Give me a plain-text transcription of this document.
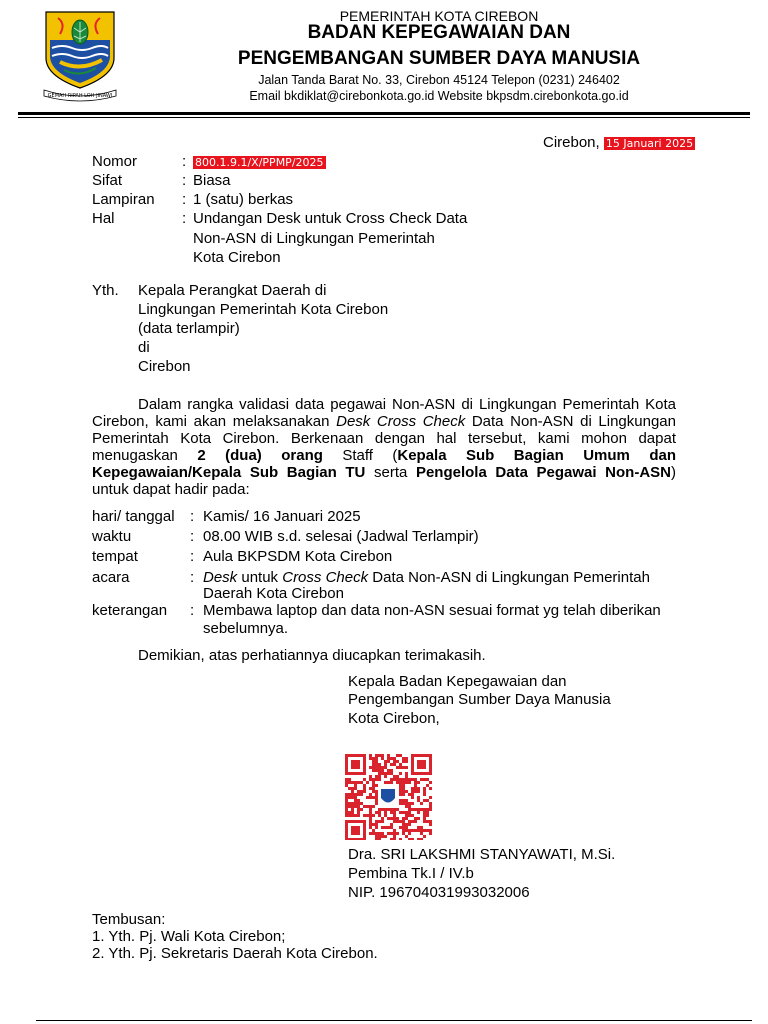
GEMAH RIPAH LOH JINAWI
PEMERINTAH KOTA CIREBON
BADAN KEPEGAWAIAN DAN
PENGEMBANGAN SUMBER DAYA MANUSIA
Jalan Tanda Barat No. 33, Cirebon 45124 Telepon (0231) 246402
Email bkdiklat@cirebonkota.go.id Website bkpsdm.cirebonkota.go.id
Cirebon, 15 Januari 2025
Nomor	: 800.1.9.1/X/PPMP/2025
Sifat	: Biasa
Lampiran : 1 (satu) berkas
Hal	: Undangan Desk untuk Cross Check Data
Non-ASN di Lingkungan Pemerintah
Kota Cirebon
Yth. Kepala Perangkat Daerah di
Lingkungan Pemerintah Kota Cirebon
(data terlampir)
di
Cirebon
Dalam rangka validasi data pegawai Non-ASN di Lingkungan Pemerintah Kota Cirebon, kami akan melaksanakan Desk Cross Check Data Non-ASN di Lingkungan Pemerintah Kota Cirebon. Berkenaan dengan hal tersebut, kami mohon dapat menugaskan 2 (dua) orang Staff (Kepala Sub Bagian Umum dan Kepegawaian/Kepala Sub Bagian TU serta Pengelola Data Pegawai Non-ASN) untuk dapat hadir pada:
hari/ tanggal : Kamis/ 16 Januari 2025
waktu	: 08.00 WIB s.d. selesai (Jadwal Terlampir)
tempat	: Aula BKPSDM Kota Cirebon
acara	: Desk untuk Cross Check Data Non-ASN di Lingkungan Pemerintah
Daerah Kota Cirebon
keterangan : Membawa laptop dan data non-ASN sesuai format yg telah diberikan
sebelumnya.
Demikian, atas perhatiannya diucapkan terimakasih.
Kepala Badan Kepegawaian dan
Pengembangan Sumber Daya Manusia
Kota Cirebon,
Dra. SRI LAKSHMI STANYAWATI, M.Si.
Pembina Tk.I / IV.b
NIP. 196704031993032006
Tembusan:
1. Yth. Pj. Wali Kota Cirebon;
2. Yth. Pj. Sekretaris Daerah Kota Cirebon.
